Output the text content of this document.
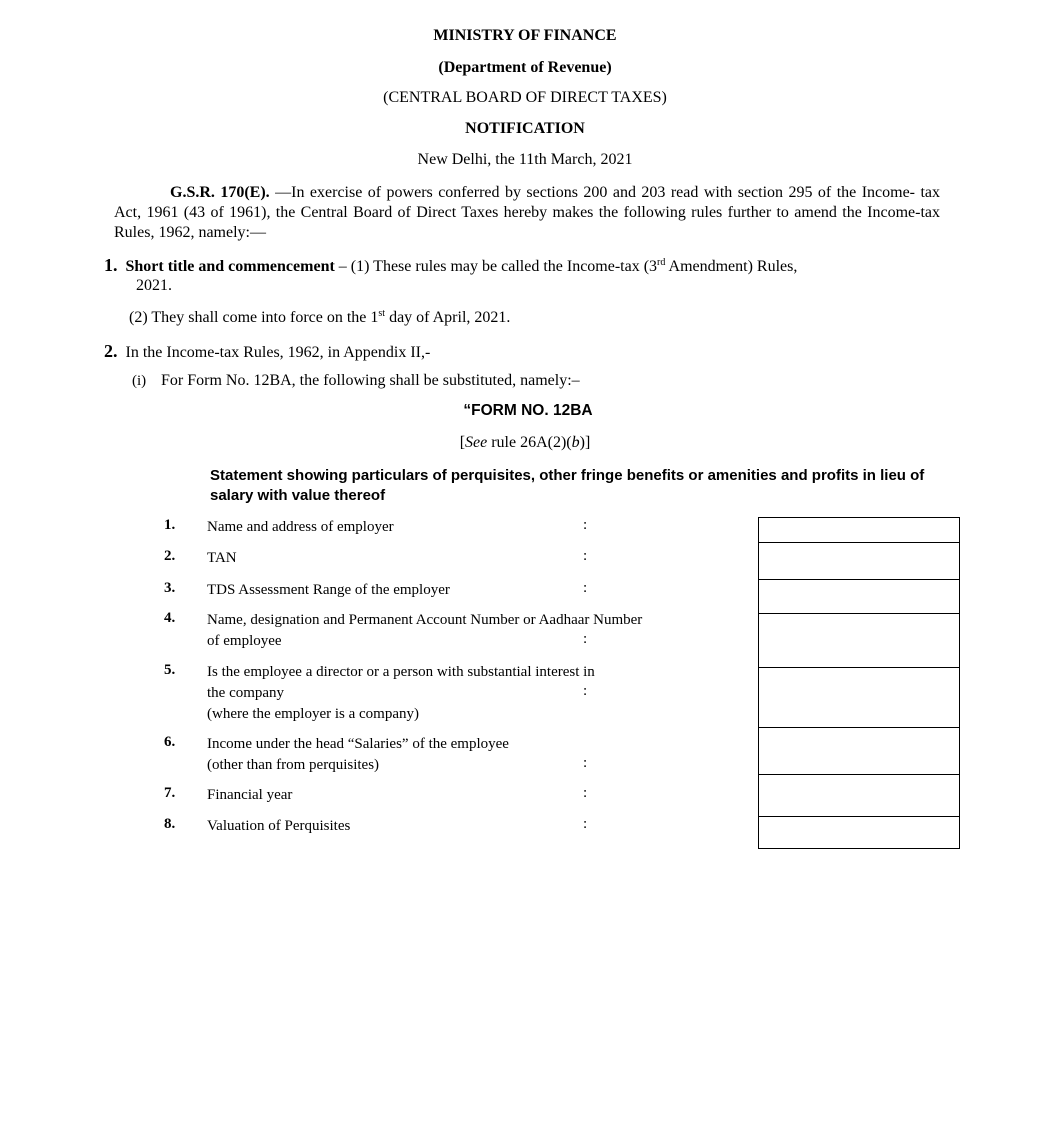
MINISTRY OF FINANCE
(Department of Revenue)
(CENTRAL BOARD OF DIRECT TAXES)
NOTIFICATION
New Delhi, the 11th March, 2021
G.S.R. 170(E). —In exercise of powers conferred by sections 200 and 203 read with section 295 of the Income- tax Act, 1961 (43 of 1961), the Central Board of Direct Taxes hereby makes the following rules further to amend the Income-tax Rules, 1962, namely:—
1. Short title and commencement – (1) These rules may be called the Income-tax (3rd Amendment) Rules,
2021.
(2) They shall come into force on the 1st day of April, 2021.
2. In the Income-tax Rules, 1962, in Appendix II,-
(i) For Form No. 12BA, the following shall be substituted, namely:–
“FORM NO. 12BA
[See rule 26A(2)(b)]
Statement showing particulars of perquisites, other fringe benefits or amenities and profits in lieu of salary with value thereof
1. Name and address of employer	:
2. TAN	:
3. TDS Assessment Range of the employer	:
4. Name, designation and Permanent Account Number or Aadhaar Number
of employee	:
5. Is the employee a director or a person with substantial interest in
the company
(where the employer is a company)
:
6. Income under the head “Salaries” of the employee
(other than from perquisites)	:
7. Financial year	:
8. Valuation of Perquisites	:
